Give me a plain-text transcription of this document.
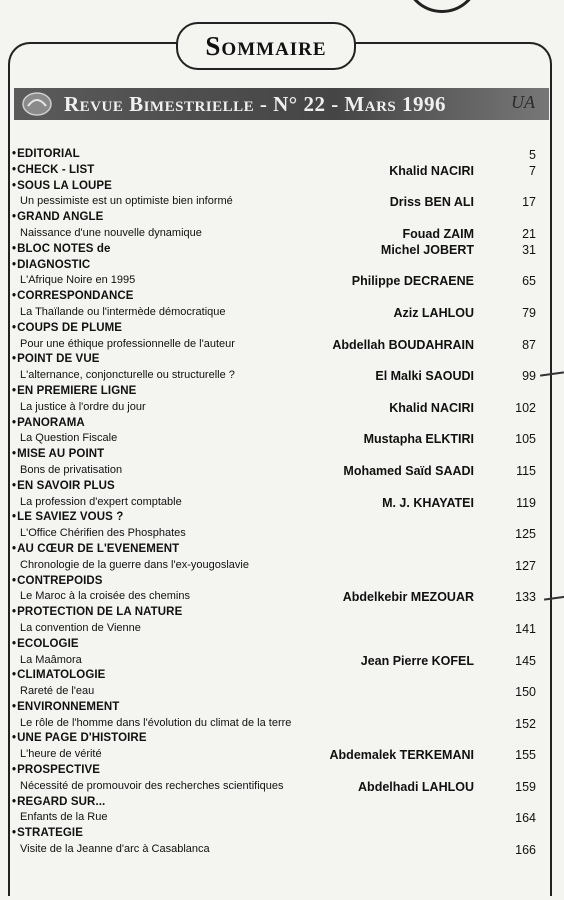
Sommaire
Revue Bimestrielle - N° 22 - Mars 1996	UA
• EDITORIAL	5
• CHECK - LIST	Khalid NACIRI	7
• SOUS LA LOUPE
Un pessimiste est un optimiste bien informé	Driss BEN ALI	17
• GRAND ANGLE
Naissance d'une nouvelle dynamique	Fouad ZAIM	21
• BLOC NOTES de	Michel JOBERT	31
• DIAGNOSTIC
L'Afrique Noire en 1995	Philippe DECRAENE	65
• CORRESPONDANCE
La Thaïlande ou l'intermède démocratique	Aziz LAHLOU	79
• COUPS DE PLUME
Pour une éthique professionnelle de l'auteur	Abdellah BOUDAHRAIN	87
• POINT DE VUE
L'alternance, conjoncturelle ou structurelle ?	El Malki SAOUDI	99
• EN PREMIERE LIGNE
La justice à l'ordre du jour	Khalid NACIRI	102
• PANORAMA
La Question Fiscale	Mustapha ELKTIRI	105
• MISE AU POINT
Bons de privatisation	Mohamed Saïd SAADI	115
• EN SAVOIR PLUS
La profession d'expert comptable	M. J. KHAYATEI	119
• LE SAVIEZ VOUS ?
L'Office Chérifien des Phosphates	125
• AU CŒUR DE L'EVENEMENT
Chronologie de la guerre dans l'ex-yougoslavie	127
• CONTREPOIDS
Le Maroc à la croisée des chemins	Abdelkebir MEZOUAR	133
• PROTECTION DE LA NATURE
La convention de Vienne	141
• ECOLOGIE
La Maâmora	Jean Pierre KOFEL	145
• CLIMATOLOGIE
Rareté de l'eau	150
• ENVIRONNEMENT
Le rôle de l'homme dans l'évolution du climat de la terre	152
• UNE PAGE D'HISTOIRE
L'heure de vérité	Abdemalek TERKEMANI	155
• PROSPECTIVE
Nécessité de promouvoir des recherches scientifiques	Abdelhadi LAHLOU	159
• REGARD SUR...
Enfants de la Rue	164
• STRATEGIE
Visite de la Jeanne d'arc à Casablanca	166
